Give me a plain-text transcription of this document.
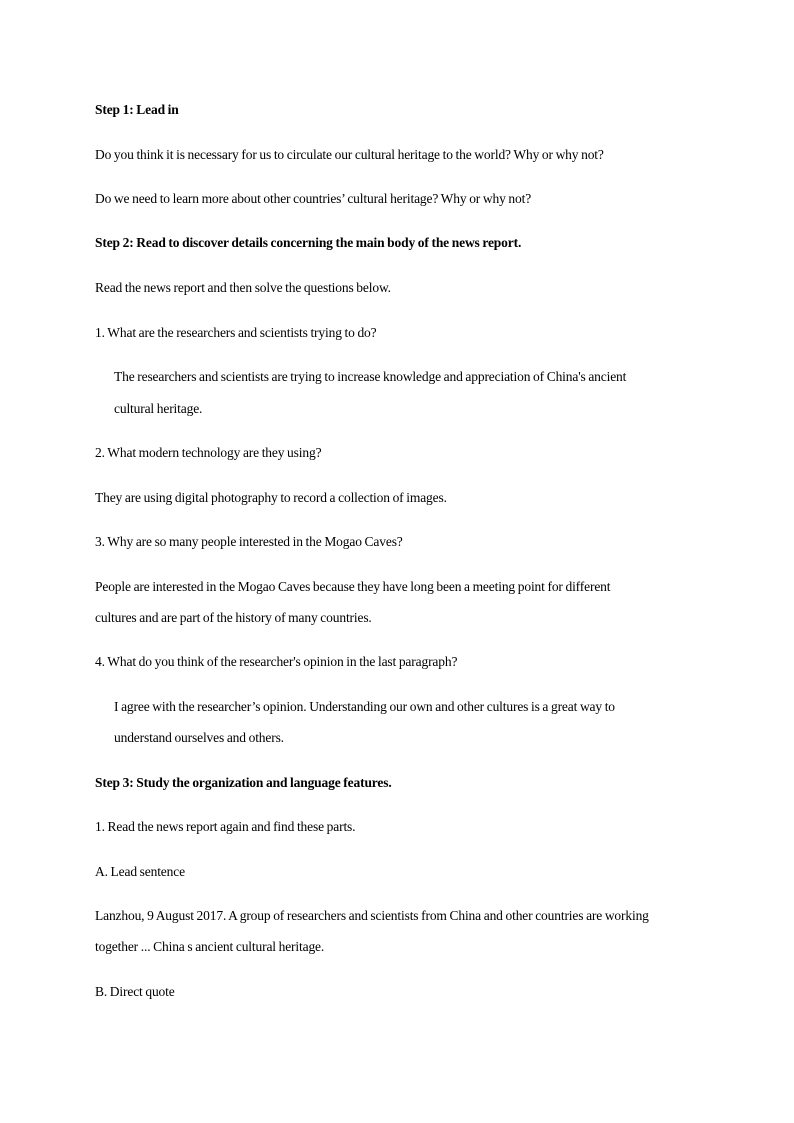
Step 1: Lead in
Do you think it is necessary for us to circulate our cultural heritage to the world? Why or why not?
Do we need to learn more about other countries’ cultural heritage? Why or why not?
Step 2: Read to discover details concerning the main body of the news report.
Read the news report and then solve the questions below.
1. What are the researchers and scientists trying to do?
The researchers and scientists are trying to increase knowledge and appreciation of China's ancient
cultural heritage.
2. What modern technology are they using?
They are using digital photography to record a collection of images.
3. Why are so many people interested in the Mogao Caves?
People are interested in the Mogao Caves because they have long been a meeting point for different
cultures and are part of the history of many countries.
4. What do you think of the researcher's opinion in the last paragraph?
I agree with the researcher’s opinion. Understanding our own and other cultures is a great way to
understand ourselves and others.
Step 3: Study the organization and language features.
1. Read the news report again and find these parts.
A. Lead sentence
Lanzhou, 9 August 2017. A group of researchers and scientists from China and other countries are working
together ... China s ancient cultural heritage.
B. Direct quote
